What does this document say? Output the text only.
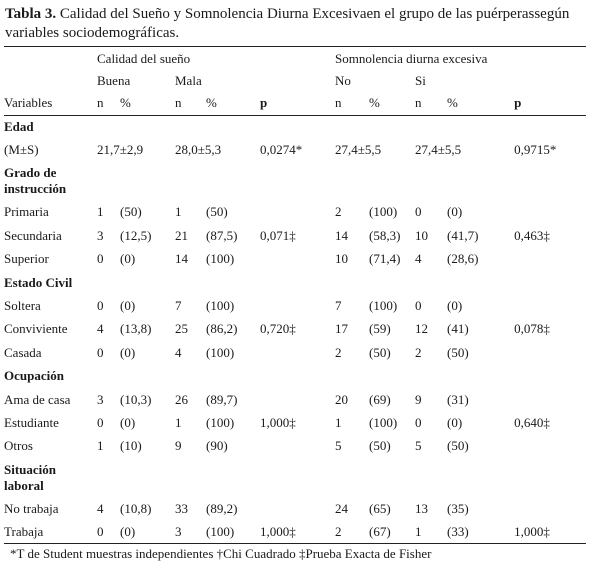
Tabla 3. Calidad del Sueño y Somnolencia Diurna Excesivaen el grupo de las puérperassegún variables sociodemográficas.
	Calidad del sueño					Somnolencia diurna excesiva				
	Buena		Mala			No		Si		
Variables	n	%	n	%	p	n	%	n	%	p
Edad										
(M±S)	21,7±2,9		28,0±5,3		0,0274*	27,4±5,5		27,4±5,5		0,9715*
Grado de instrucción										
Primaria	1	(50)	1	(50)		2	(100)	0	(0)	
Secundaria	3	(12,5)	21	(87,5)	0,071‡	14	(58,3)	10	(41,7)	0,463‡
Superior	0	(0)	14	(100)		10	(71,4)	4	(28,6)	
Estado Civil										
Soltera	0	(0)	7	(100)		7	(100)	0	(0)	
Conviviente	4	(13,8)	25	(86,2)	0,720‡	17	(59)	12	(41)	0,078‡
Casada	0	(0)	4	(100)		2	(50)	2	(50)	
Ocupación										
Ama de casa	3	(10,3)	26	(89,7)		20	(69)	9	(31)	
Estudiante	0	(0)	1	(100)	1,000‡	1	(100)	0	(0)	0,640‡
Otros	1	(10)	9	(90)		5	(50)	5	(50)	
Situación laboral										
No trabaja	4	(10,8)	33	(89,2)		24	(65)	13	(35)	
Trabaja	0	(0)	3	(100)	1,000‡	2	(67)	1	(33)	1,000‡
*T de Student muestras independientes †Chi Cuadrado ‡Prueba Exacta de Fisher
